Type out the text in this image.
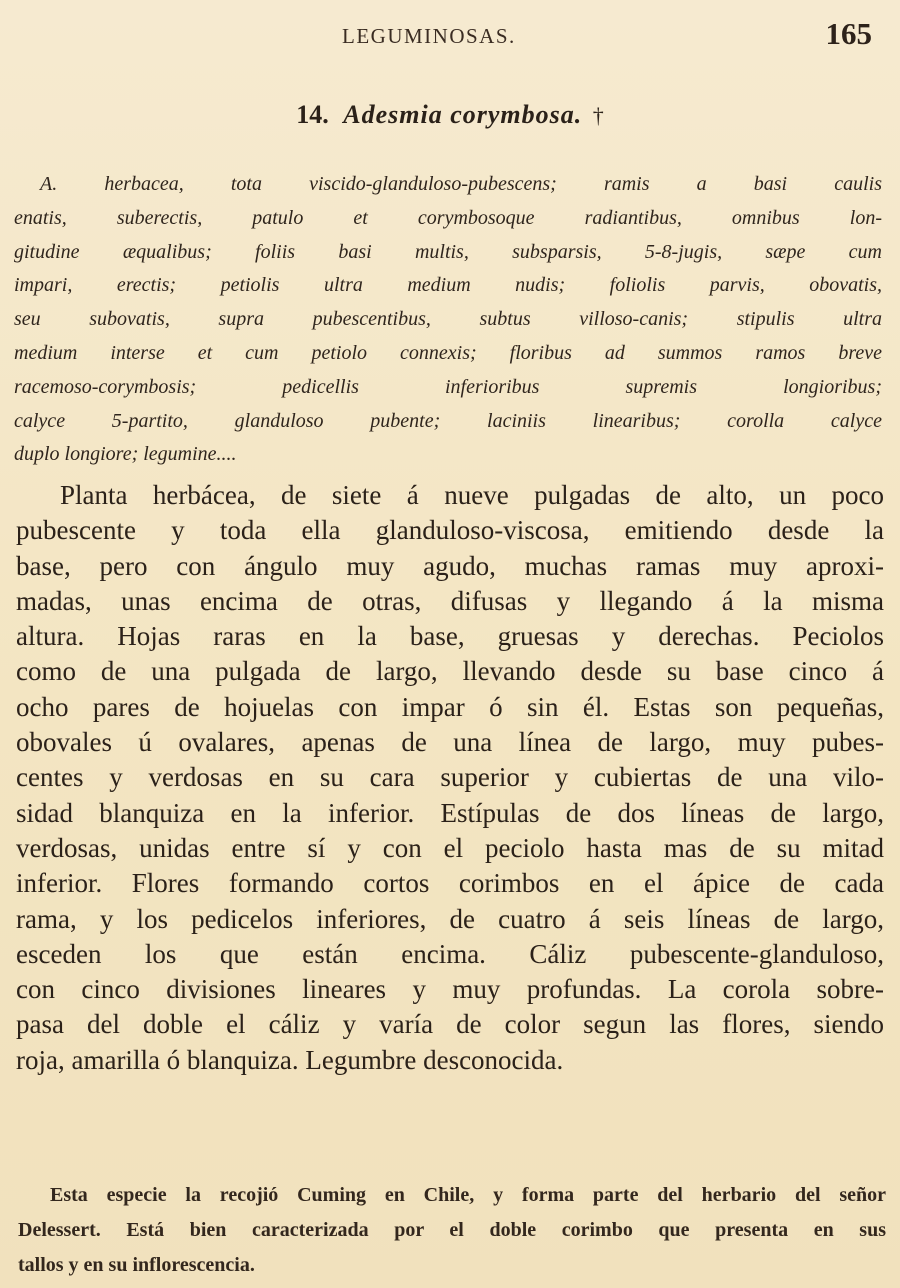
LEGUMINOSAS.	165
14. Adesmia corymbosa. †
A. herbacea, tota viscido-glanduloso-pubescens; ramis a basi caulis
enatis, suberectis, patulo et corymbosoque radiantibus, omnibus lon-
gitudine æqualibus; foliis basi multis, subsparsis, 5-8-jugis, sæpe cum
impari, erectis; petiolis ultra medium nudis; foliolis parvis, obovatis,
seu subovatis, supra pubescentibus, subtus villoso-canis; stipulis ultra
medium interse et cum petiolo connexis; floribus ad summos ramos breve
racemoso-corymbosis; pedicellis inferioribus supremis longioribus;
calyce 5-partito, glanduloso pubente; laciniis linearibus; corolla calyce
duplo longiore; legumine....
Planta herbácea, de siete á nueve pulgadas de alto, un poco
pubescente y toda ella glanduloso-viscosa, emitiendo desde la
base, pero con ángulo muy agudo, muchas ramas muy aproxi-
madas, unas encima de otras, difusas y llegando á la misma
altura. Hojas raras en la base, gruesas y derechas. Peciolos
como de una pulgada de largo, llevando desde su base cinco á
ocho pares de hojuelas con impar ó sin él. Estas son pequeñas,
obovales ú ovalares, apenas de una línea de largo, muy pubes-
centes y verdosas en su cara superior y cubiertas de una vilo-
sidad blanquiza en la inferior. Estípulas de dos líneas de largo,
verdosas, unidas entre sí y con el peciolo hasta mas de su mitad
inferior. Flores formando cortos corimbos en el ápice de cada
rama, y los pedicelos inferiores, de cuatro á seis líneas de largo,
esceden los que están encima. Cáliz pubescente-glanduloso,
con cinco divisiones lineares y muy profundas. La corola sobre-
pasa del doble el cáliz y varía de color segun las flores, siendo
roja, amarilla ó blanquiza. Legumbre desconocida.
Esta especie la recojió Cuming en Chile, y forma parte del herbario del señor
Delessert. Está bien caracterizada por el doble corimbo que presenta en sus
tallos y en su inflorescencia.
